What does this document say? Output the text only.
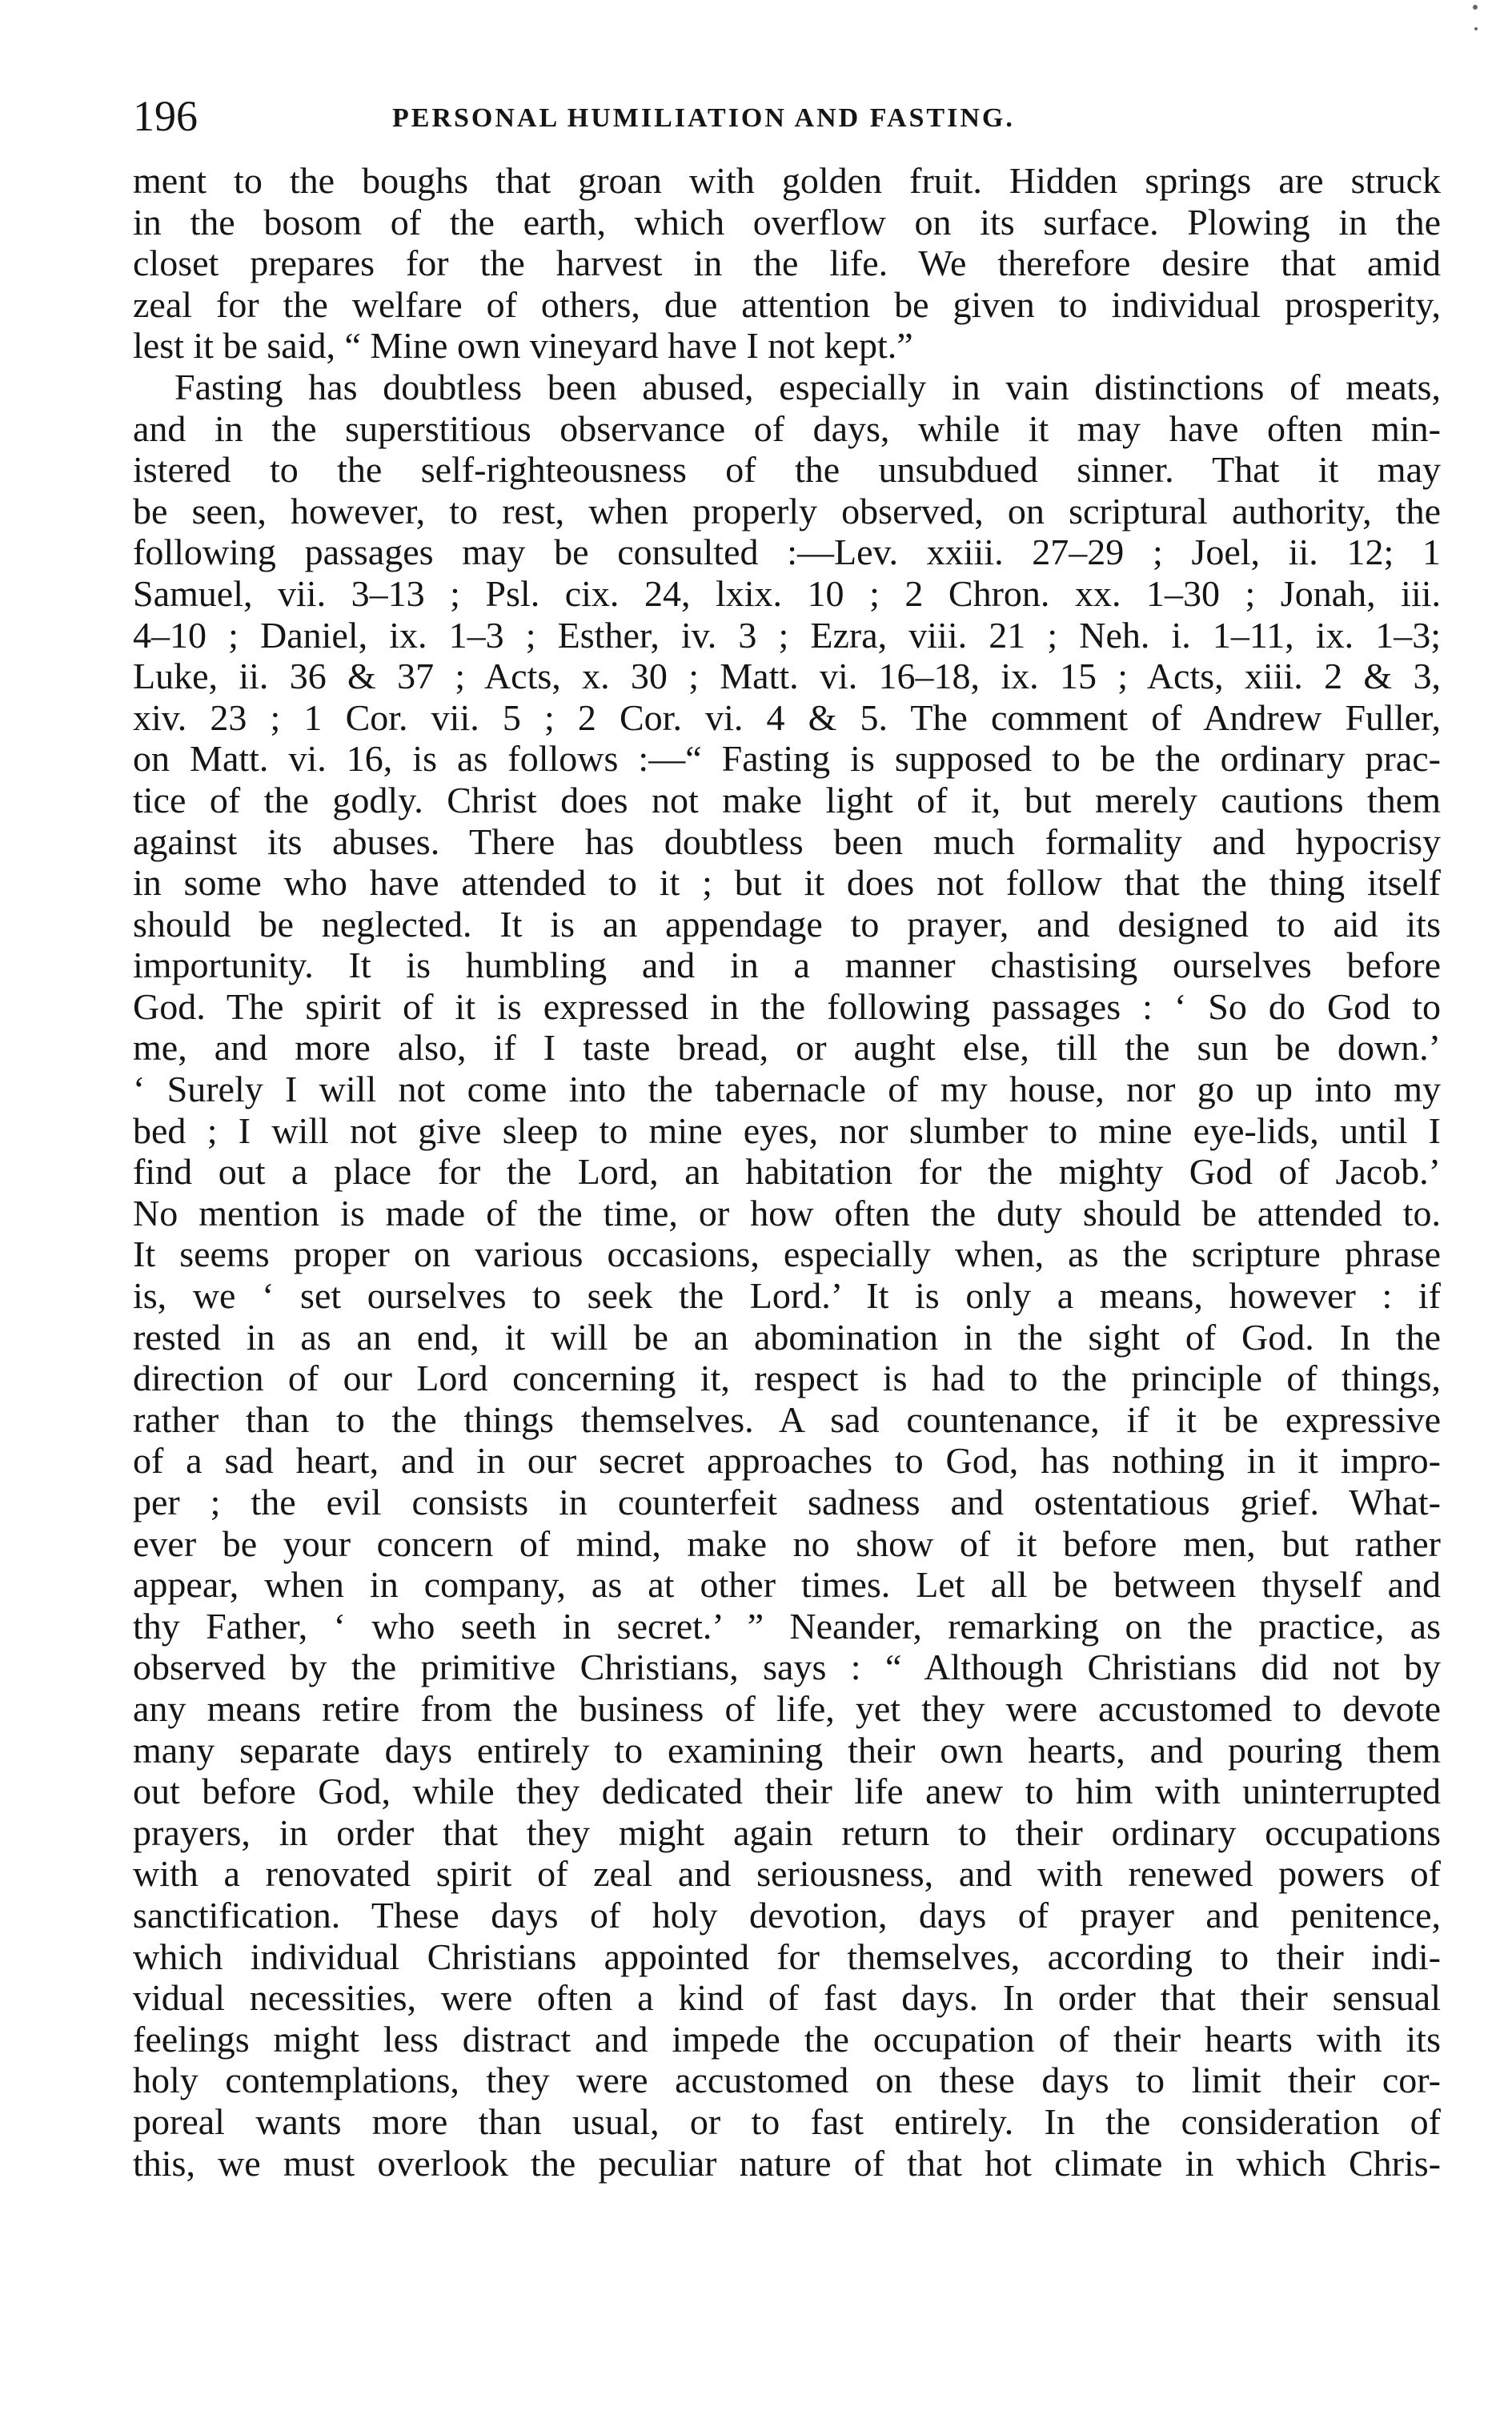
196	PERSONAL HUMILIATION AND FASTING.
ment to the boughs that groan with golden fruit. Hidden springs are struck
in the bosom of the earth, which overflow on its surface. Plowing in the
closet prepares for the harvest in the life. We therefore desire that amid
zeal for the welfare of others, due attention be given to individual prosperity,
lest it be said, “ Mine own vineyard have I not kept.”
Fasting has doubtless been abused, especially in vain distinctions of meats,
and in the superstitious observance of days, while it may have often min-
istered to the self-righteousness of the unsubdued sinner. That it may
be seen, however, to rest, when properly observed, on scriptural authority, the
following passages may be consulted :—Lev. xxiii. 27–29 ; Joel, ii. 12; 1
Samuel, vii. 3–13 ; Psl. cix. 24, lxix. 10 ; 2 Chron. xx. 1–30 ; Jonah, iii.
4–10 ; Daniel, ix. 1–3 ; Esther, iv. 3 ; Ezra, viii. 21 ; Neh. i. 1–11, ix. 1–3;
Luke, ii. 36 & 37 ; Acts, x. 30 ; Matt. vi. 16–18, ix. 15 ; Acts, xiii. 2 & 3,
xiv. 23 ; 1 Cor. vii. 5 ; 2 Cor. vi. 4 & 5. The comment of Andrew Fuller,
on Matt. vi. 16, is as follows :—“ Fasting is supposed to be the ordinary prac-
tice of the godly. Christ does not make light of it, but merely cautions them
against its abuses. There has doubtless been much formality and hypocrisy
in some who have attended to it ; but it does not follow that the thing itself
should be neglected. It is an appendage to prayer, and designed to aid its
importunity. It is humbling and in a manner chastising ourselves before
God. The spirit of it is expressed in the following passages : ‘ So do God to
me, and more also, if I taste bread, or aught else, till the sun be down.’
‘ Surely I will not come into the tabernacle of my house, nor go up into my
bed ; I will not give sleep to mine eyes, nor slumber to mine eye-lids, until I
find out a place for the Lord, an habitation for the mighty God of Jacob.’
No mention is made of the time, or how often the duty should be attended to.
It seems proper on various occasions, especially when, as the scripture phrase
is, we ‘ set ourselves to seek the Lord.’ It is only a means, however : if
rested in as an end, it will be an abomination in the sight of God. In the
direction of our Lord concerning it, respect is had to the principle of things,
rather than to the things themselves. A sad countenance, if it be expressive
of a sad heart, and in our secret approaches to God, has nothing in it impro-
per ; the evil consists in counterfeit sadness and ostentatious grief. What-
ever be your concern of mind, make no show of it before men, but rather
appear, when in company, as at other times. Let all be between thyself and
thy Father, ‘ who seeth in secret.’ ” Neander, remarking on the practice, as
observed by the primitive Christians, says : “ Although Christians did not by
any means retire from the business of life, yet they were accustomed to devote
many separate days entirely to examining their own hearts, and pouring them
out before God, while they dedicated their life anew to him with uninterrupted
prayers, in order that they might again return to their ordinary occupations
with a renovated spirit of zeal and seriousness, and with renewed powers of
sanctification. These days of holy devotion, days of prayer and penitence,
which individual Christians appointed for themselves, according to their indi-
vidual necessities, were often a kind of fast days. In order that their sensual
feelings might less distract and impede the occupation of their hearts with its
holy contemplations, they were accustomed on these days to limit their cor-
poreal wants more than usual, or to fast entirely. In the consideration of
this, we must overlook the peculiar nature of that hot climate in which Chris-
